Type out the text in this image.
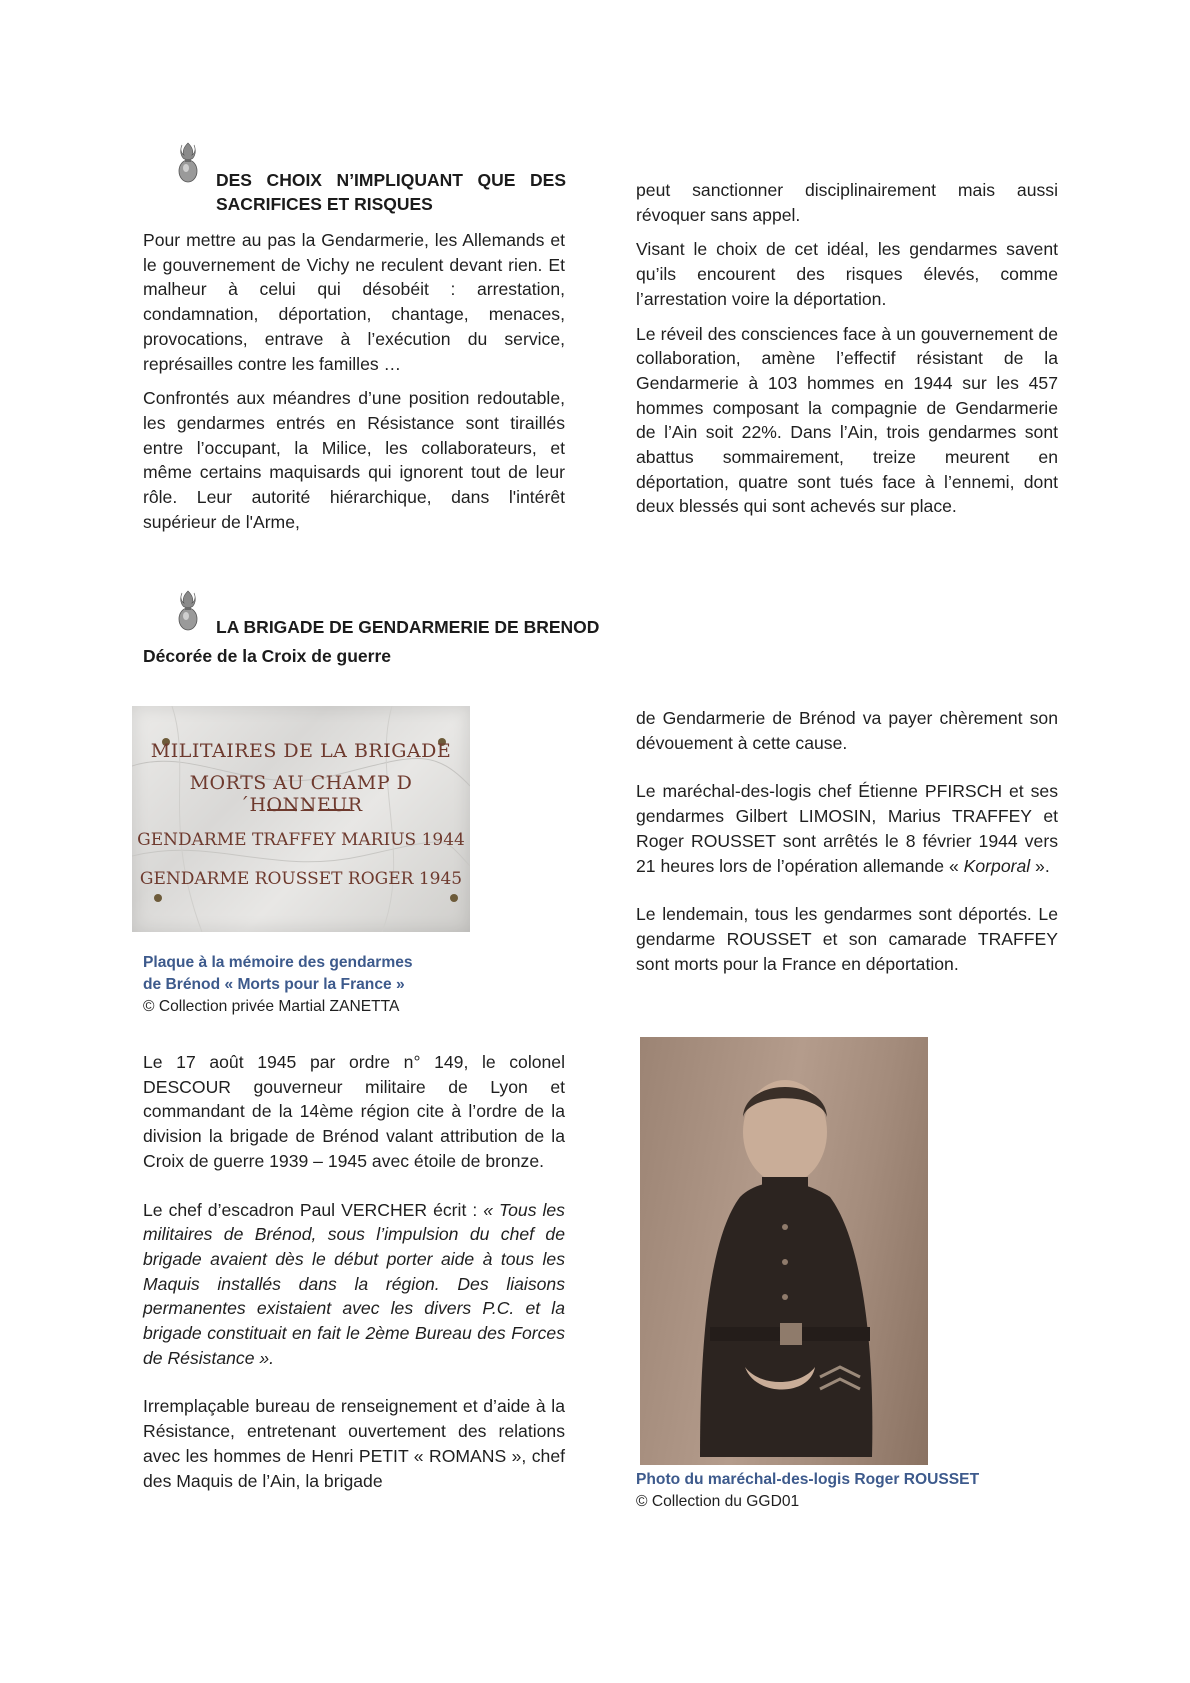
DES CHOIX N’IMPLIQUANT QUE DES
SACRIFICES ET RISQUES

Pour mettre au pas la Gendarmerie, les Allemands et le gouvernement de Vichy ne reculent devant rien. Et malheur à celui qui désobéit : arrestation, condamnation, déportation, chantage, menaces, provocations, entrave à l’exécution du service, représailles contre les familles …

Confrontés aux méandres d’une position redoutable, les gendarmes entrés en Résistance sont tiraillés entre l’occupant, la Milice, les collaborateurs, et même certains maquisards qui ignorent tout de leur rôle. Leur autorité hiérarchique, dans l'intérêt supérieur de l'Arme,

peut sanctionner disciplinairement mais aussi révoquer sans appel.

Visant le choix de cet idéal, les gendarmes savent qu’ils encourent des risques élevés, comme l’arrestation voire la déportation.

Le réveil des consciences face à un gouvernement de collaboration, amène l’effectif résistant de la Gendarmerie à 103 hommes en 1944 sur les 457 hommes composant la compagnie de Gendarmerie de l’Ain soit 22%. Dans l’Ain, trois gendarmes sont abattus sommairement, treize meurent en déportation, quatre sont tués face à l’ennemi, dont deux blessés qui sont achevés sur place.

LA BRIGADE DE GENDARMERIE DE BRENOD
Décorée de la Croix de guerre
MILITAIRES DE LA BRIGADE
MORTS AU CHAMP D´HONNEUR
GENDARME TRAFFEY MARIUS 1944
GENDARME ROUSSET ROGER 1945
Plaque à la mémoire des gendarmes
de Brénod « Morts pour la France »
© Collection privée Martial ZANETTA

Le 17 août 1945 par ordre n° 149, le colonel DESCOUR gouverneur militaire de Lyon et commandant de la 14ème région cite à l’ordre de la division la brigade de Brénod valant attribution de la Croix de guerre 1939 – 1945 avec étoile de bronze.

Le chef d’escadron Paul VERCHER écrit : « Tous les militaires de Brénod, sous l’impulsion du chef de brigade avaient dès le début porter aide à tous les Maquis installés dans la région. Des liaisons permanentes existaient avec les divers P.C. et la brigade constituait en fait le 2ème Bureau des Forces de Résistance ».

Irremplaçable bureau de renseignement et d’aide à la Résistance, entretenant ouvertement des relations avec les hommes de Henri PETIT « ROMANS », chef des Maquis de l’Ain, la brigade

de Gendarmerie de Brénod va payer chèrement son dévouement à cette cause.

Le maréchal-des-logis chef Étienne PFIRSCH et ses gendarmes Gilbert LIMOSIN, Marius TRAFFEY et Roger ROUSSET sont arrêtés le 8 février 1944 vers 21 heures lors de l’opération allemande « Korporal ».

Le lendemain, tous les gendarmes sont déportés. Le gendarme ROUSSET et son camarade TRAFFEY sont morts pour la France en déportation.

Photo du maréchal-des-logis Roger ROUSSET
© Collection du GGD01
